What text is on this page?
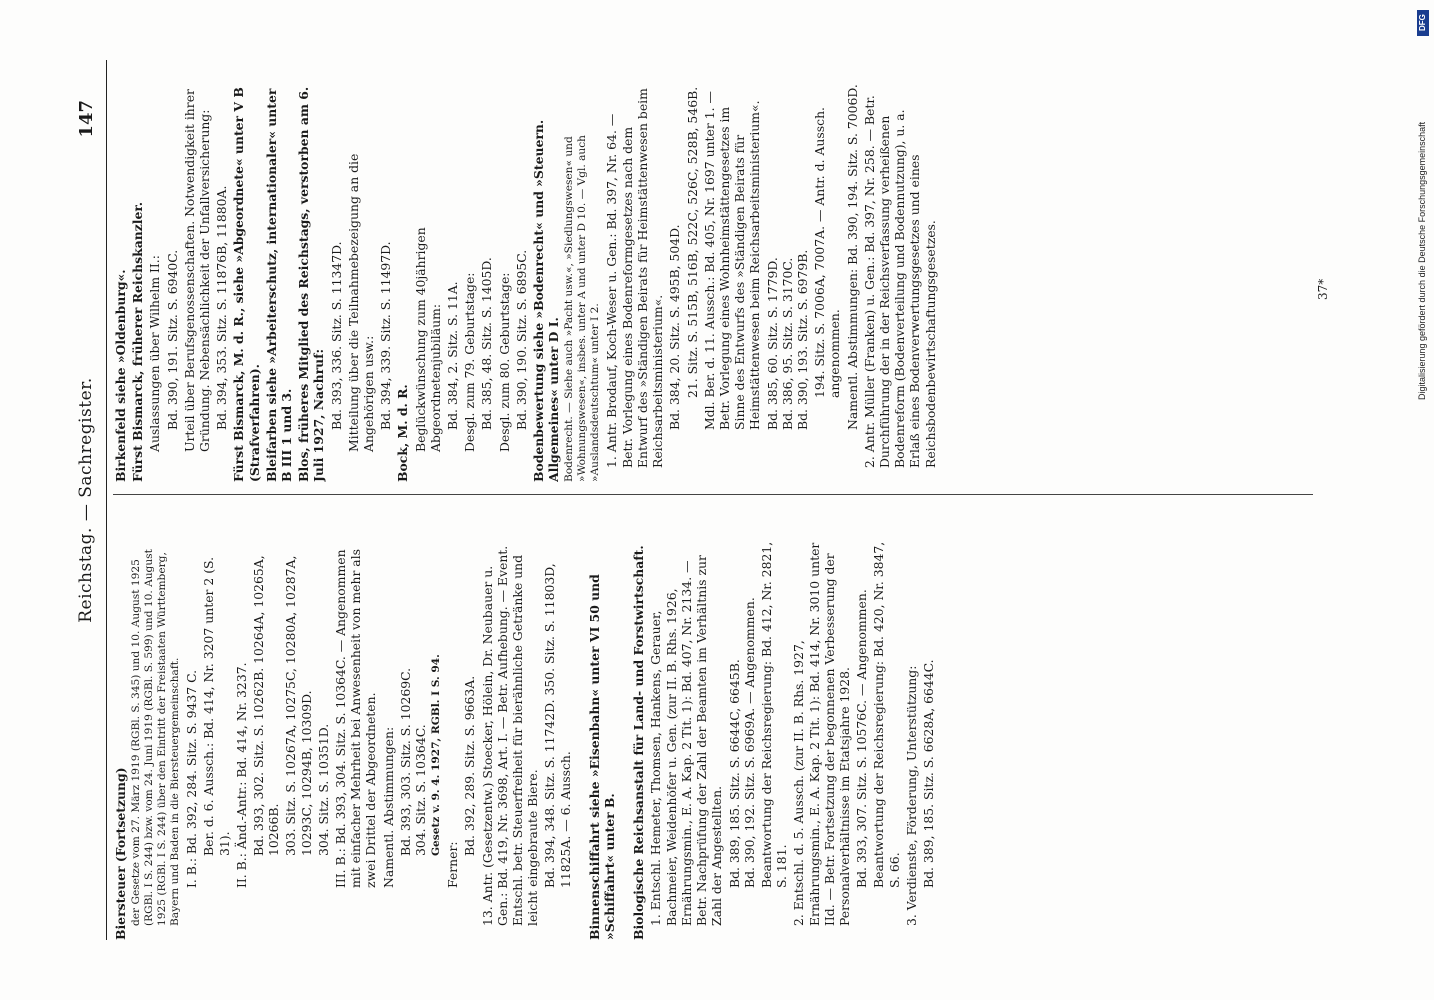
Reichstag. — Sachregister.
147
Biersteuer (Fortsetzung) der Gesetze vom 27. März 1919 (RGBl. S. 345) und 10. August 1925 (RGBl. I S. 244) bzw. vom 24. Juni 1919 (RGBl. S. 599) und 10. August 1925 (RGBl. I S. 244) über den Eintritt der Freistaaten Württemberg, Bayern und Baden in die Biersteuergemeinschaft. I. B.: Bd. 392, 284. Sitz. S. 9437 C. Ber. d. 6. Aussch.: Bd. 414, Nr. 3207 unter 2 (S. 31). II. B.: Änd.-Antr.: Bd. 414, Nr. 3237. Bd. 393, 302. Sitz. S. 10262B. 10264A, 10265A, 10266B. 303. Sitz. S. 10267A, 10275C, 10280A, 10287A, 10293C, 10294B, 10309D. 304. Sitz. S. 10351D. III. B.: Bd. 393, 304. Sitz. S. 10364C. — Angenommen mit einfacher Mehrheit bei Anwesenheit von mehr als zwei Drittel der Abgeordneten. Namentl. Abstimmungen: Bd. 393, 303. Sitz. S. 10269C.
304. Sitz. S. 10364C. Gesetz v. 9. 4. 1927, RGBl. I S. 94.
Ferner:
Bd. 392, 289. Sitz. S. 9663A. 13. Antr. (Gesetzentw.) Stoecker, Hölein, Dr. Neubauer u. Gen.: Bd. 419, Nr. 3698, Art. I. — Betr. Aufhebung. — Event. Entschl. betr. Steuerfreiheit für bierähnliche Getränke und leicht eingebraute Biere. Bd. 394, 348. Sitz. S. 11742D. 350. Sitz. S. 11803D, 11825A. — 6. Aussch. Binnenschiffahrt siehe »Eisenbahn« unter VI 50 und »Schiffahrt« unter B. Biologische Reichsanstalt für Land- und Forstwirtschaft. 1. Entschl. Hemeter, Thomsen, Hankens, Gerauer, Bachmeier, Weidenhöfer u. Gen. (zur II. B. Rhs. 1926, Ernährungsmin., E. A. Kap. 2 Tit. 1): Bd. 407, Nr. 2134. — Betr. Nachprüfung der Zahl der Beamten im Verhältnis zur Zahl der Angestellten. Bd. 389, 185. Sitz. S. 6644C, 6645B.
Bd. 390, 192. Sitz. S. 6969A. — Angenommen. Beantwortung der Reichsregierung: Bd. 412, Nr. 2821, S. 181. 2. Entschl. d. 5. Aussch. (zur II. B. Rhs. 1927, Ernährungsmin., E. A. Kap. 2 Tit. 1): Bd. 414, Nr. 3010 unter IId. — Betr. Fortsetzung der begonnenen Verbesserung der Personalverhältnisse im Etatsjahre 1928. Bd. 393, 307. Sitz. S. 10576C. — Angenommen. Beantwortung der Reichsregierung: Bd. 420, Nr. 3847, S. 66. 3. Verdienste, Förderung, Unterstützung: Bd. 389, 185. Sitz. S. 6628A, 6644C.
Birkenfeld siehe »Oldenburg«. Fürst Bismarck, früherer Reichskanzler. Auslassungen über Wilhelm II.: Bd. 390, 191. Sitz. S. 6940C. Urteil über Berufsgenossenschaften. Notwendigkeit ihrer Gründung. Nebensächlichkeit der Unfallversicherung: Bd. 394, 353. Sitz. S. 11876B, 11880A. Fürst Bismarck, M. d. R., siehe »Abgeordnete« unter V B (Strafverfahren). Bleifarben siehe »Arbeiterschutz, internationaler« unter B III 1 und 3. Blos, früheres Mitglied des Reichstags, verstorben am 6. Juli 1927, Nachruf: Bd. 393, 336. Sitz. S. 11347D. Mitteilung über die Teilnahmebezeigung an die Angehörigen usw.: Bd. 394, 339. Sitz. S. 11497D.
Bock, M. d. R. Beglückwünschung zum 40jährigen Abgeordnetenjubiläum: Bd. 384, 2. Sitz. S. 11A. Desgl. zum 79. Geburtstage: Bd. 385, 48. Sitz. S. 1405D. Desgl. zum 80. Geburtstage: Bd. 390, 190. Sitz. S. 6895C. Bodenbewertung siehe »Bodenrecht« und »Steuern. Allgemeines« unter D I. Bodenrecht. — Siehe auch »Pacht usw.«, »Siedlungswesen« und »Wohnungswesen«, insbes. unter A und unter D 10. — Vgl. auch »Auslandsdeutschtum« unter I 2. 1. Antr. Brodauf, Koch-Weser u. Gen.: Bd. 397, Nr. 64. — Betr. Vorlegung eines Bodenreformgesetzes nach dem Entwurf des »Ständigen Beirats für Heimstättenwesen beim Reichsarbeitsministerium«. Bd. 384, 20. Sitz. S. 495B, 504D. 21. Sitz. S. 515B, 516B, 522C, 526C, 528B, 546B. Mdl. Ber. d. 11. Aussch.: Bd. 405, Nr. 1697 unter 1. — Betr. Vorlegung eines Wohnheimstättengesetzes im Sinne des Entwurfs des »Ständigen Beirats für Heimstättenwesen beim Reichsarbeitsministerium«. Bd. 385, 60. Sitz. S. 1779D.
Bd. 386, 95. Sitz. S. 3170C.
Bd. 390, 193. Sitz. S. 6979B. 194. Sitz. S. 7006A, 7007A. — Antr. d. Aussch. angenommen. Namentl. Abstimmungen: Bd. 390, 194. Sitz. S. 7006D. 2. Antr. Müller (Franken) u. Gen.: Bd. 397, Nr. 258. — Betr. Durchführung der in der Reichsverfassung verheißenen Bodenreform (Bodenverteilung und Bodennutzung), u. a. Erlaß eines Bodenverwertungsgesetzes und eines Reichsbodenbewirtschaftungsgesetzes.	37*
DFG
Digitalisierung gefördert durch die Deutsche Forschungsgemeinschaft
